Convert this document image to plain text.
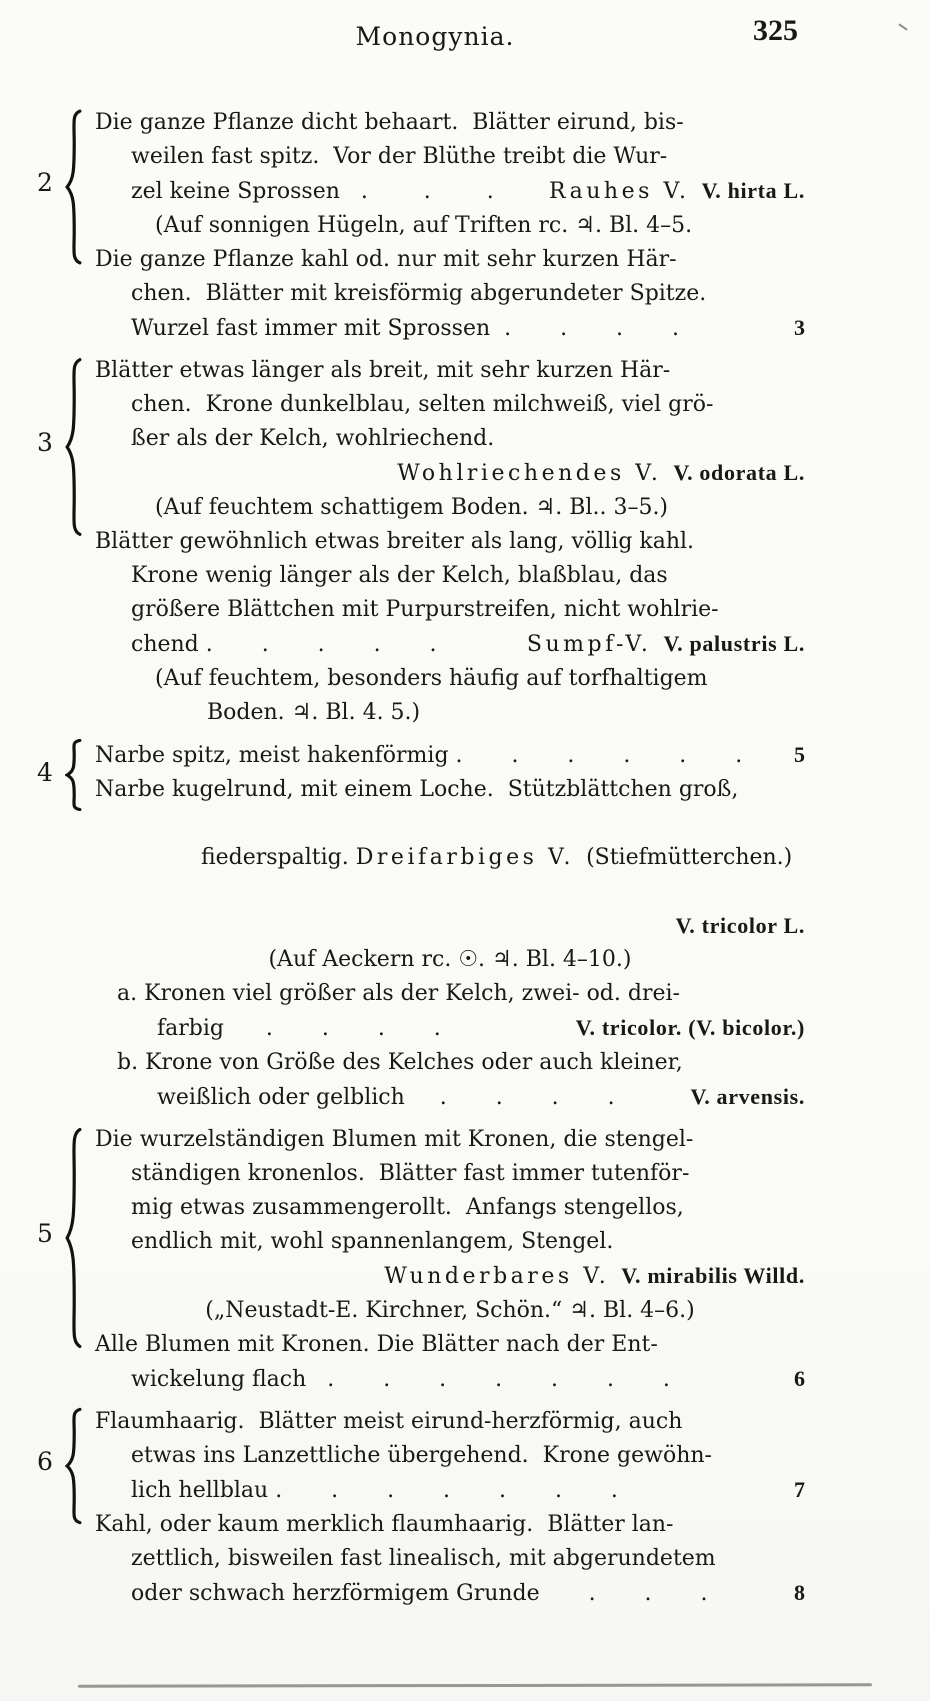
Monogynia.	325
2
Die ganze Pflanze dicht behaart.  Blätter eirund, bis-
weilen fast spitz.  Vor der Blüthe treibt die Wur-
zel keine Sprossen   .        .        .	Rauhes V. V. hirta L.
(Auf sonnigen Hügeln, auf Triften rc. ♃. Bl. 4–5.
Die ganze Pflanze kahl od. nur mit sehr kurzen Här-
chen.  Blätter mit kreisförmig abgerundeter Spitze.
Wurzel fast immer mit Sprossen  .       .       .       .	3
3
Blätter etwas länger als breit, mit sehr kurzen Här-
chen.  Krone dunkelblau, selten milchweiß, viel grö-
ßer als der Kelch, wohlriechend.
Wohlriechendes V. V. odorata L.
(Auf feuchtem schattigem Boden. ♃. Bl.. 3–5.)
Blätter gewöhnlich etwas breiter als lang, völlig kahl.
Krone wenig länger als der Kelch, blaßblau, das
größere Blättchen mit Purpurstreifen, nicht wohlrie-
chend .       .       .       .       .	Sumpf-V. V. palustris L.
(Auf feuchtem, besonders häufig auf torfhaltigem
Boden. ♃. Bl. 4. 5.)
4
Narbe spitz, meist hakenförmig .       .       .       .       .       .	5
Narbe kugelrund, mit einem Loche.  Stützblättchen groß,

fiederspaltig. Dreifarbiges V. (Stiefmütterchen.)

V. tricolor L.
(Auf Aeckern rc. ☉. ♃. Bl. 4–10.)
a. Kronen viel größer als der Kelch, zwei- od. drei-
farbig      .       .       .       .	V. tricolor. (V. bicolor.)
b. Krone von Größe des Kelches oder auch kleiner,
weißlich oder gelblich     .       .       .       .	V. arvensis.
5
Die wurzelständigen Blumen mit Kronen, die stengel-
ständigen kronenlos.  Blätter fast immer tutenför-
mig etwas zusammengerollt.  Anfangs stengellos,
endlich mit, wohl spannenlangem, Stengel.
Wunderbares V. V. mirabilis Willd.
(„Neustadt-E. Kirchner, Schön.“ ♃. Bl. 4–6.)
Alle Blumen mit Kronen. Die Blätter nach der Ent-
wickelung flach   .       .       .       .       .       .       .	6
6
Flaumhaarig.  Blätter meist eirund-herzförmig, auch
etwas ins Lanzettliche übergehend.  Krone gewöhn-
lich hellblau .       .       .       .       .       .       .	7
Kahl, oder kaum merklich flaumhaarig.  Blätter lan-
zettlich, bisweilen fast linealisch, mit abgerundetem
oder schwach herzförmigem Grunde       .       .       .	8
